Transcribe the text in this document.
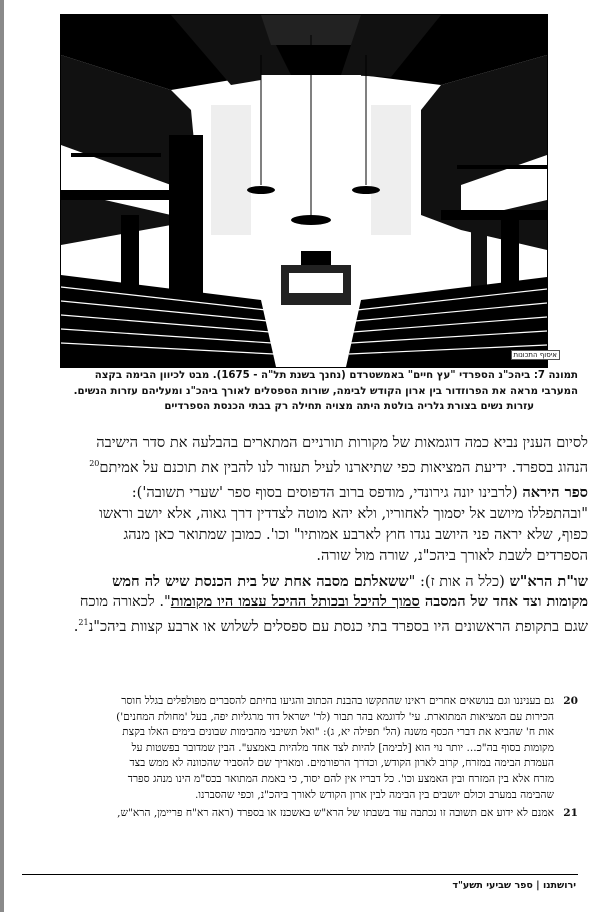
איסוף התכונות
תמונה 7: ביהכ"נ הספרדי "עץ חיים" באמשטרדם (נחנך בשנת תל"ה - 1675). מבט לכיוון הבימה בקצה
המערבי מראה את הפרוזדור בין ארון הקודש לבימה, שורות הספסלים לאורך ביהכ"נ ומעליהם עזרות הנשים.
עזרות נשים בצורת גלריה בולטת היתה מצויה תחילה רק בבתי הכנסת הספרדיים

לסיום הענין נביא כמה דוגמאות של מקורות תורניים המתארים בהבלעה את סדר הישיבה
הנהוג בספרד. ידיעת המציאות כפי שתיארנו לעיל תעזור לנו להבין את תוכנם על אמיתם$^{20}$

ספר היראה (לרבינו יונה גירונדי, מודפס ברוב הדפוסים בסוף ספר 'שערי תשובה'):
"ובהתפללו מיושב אל יסמוך לאחוריו, ולא יהא מוטה לצדדין דרך גאוה, אלא יושב וראשו
כפוף, שלא יראה פני היושב נגדו חוץ לארבע אמותיו" וכו'. כמובן שמתואר כאן מנהג
הספרדים לשבת לאורך ביהכ"נ, שורה מול שורה.

שו"ת הרא"ש (כלל ה אות ז): "ששאלתם מסבה אחת של בית הכנסת שיש לה חמש
מקומות וצד אחד של המסבה סמוך להיכל ובכותל ההיכל עצמו היו מקומות". לכאורה מוכח
שגם בתקופת הראשונים היו בספרד בתי כנסת עם ספסלים לשלוש או ארבע קצוות ביהכ"נ$^{21}$.

20
גם בעניננו וגם בנושאים אחרים ראינו שהתקשו בהבנת הכתוב והגיעו בחיתם להסברים מפולפלים בגלל חוסר
הכירות עם המציאות המתוארת. עי' לדוגמא בהר תבור (לר' ישראל דוד מרגליות יפה, בעל 'מחולת המחנים')
אות ח' שהביא את דברי הכסף משנה (הל' תפילה יא, ג): "ואל תשיבני מהבימות שבונים בימים האלו בקצת
מקומות בסוף בה"כ... יותר נוי הוא [לבימה] להיות לצד אחד מלהיות באמצע". הבין שמדובר בפשטות על
העמדת הבימה במזרח, קרוב לארון הקודש, וכדרך הרפורמים. ומאריך שם להסביר שהכוונה לא ממש בצד
מזרח אלא בין המזרח ובין האמצע וכו'. כל דבריו אין להם יסוד, כי באמת המתואר בכס"מ הינו מנהג ספרד
שהבימה במערב וכולם יושבים בין הבימה לבין ארון הקודש לאורך ביהכ"נ, וכפי שהסברנו.
21
אמנם לא ידוע אם תשובה זו נכתבה עוד בשבתו של הרא"ש באשכנז או בספרד (ראה רא"ח פריימן, הרא"ש,
ירושתנו | ספר שביעי תשע"ד
